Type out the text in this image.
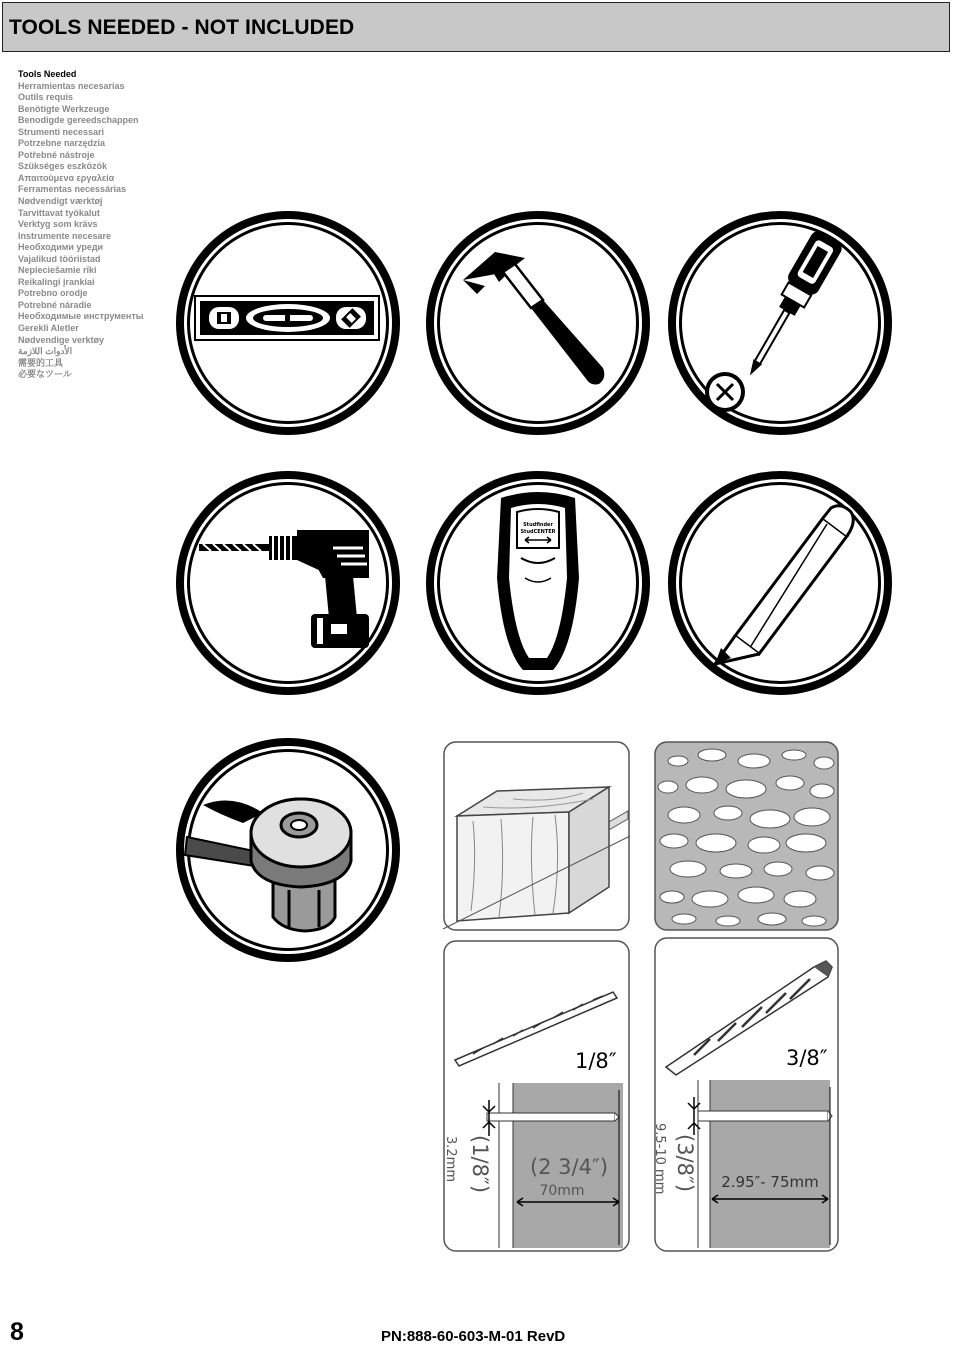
TOOLS NEEDED - NOT INCLUDED
Tools Needed
Herramientas necesarias
Outils requis
Benötigte Werkzeuge
Benodigde gereedschappen
Strumenti necessari
Potrzebne narzędzia
Potřebné nástroje
Szükséges eszközök
Απαιτούμενα εργαλεία
Ferramentas necessárias
Nødvendigt værktøj
Tarvittavat työkalut
Verktyg som krävs
Instrumente necesare
Необходими уреди
Vajalikud tööriistad
Nepieciešamie rīki
Reikalingi įrankiai
Potrebno orodje
Potrebné náradie
Необходимые инструменты
Gerekli Aletler
Nødvendige verktøy
الأدوات اللازمة
需要的工具
必要なツール
Studfinder
StudCENTER
1/8″
(2 3/4″)
70mm
(1/8″)
3.2mm
3/8″
2.95″- 75mm
(3/8″)
9.5-10 mm
8	PN:888-60-603-M-01 RevD
